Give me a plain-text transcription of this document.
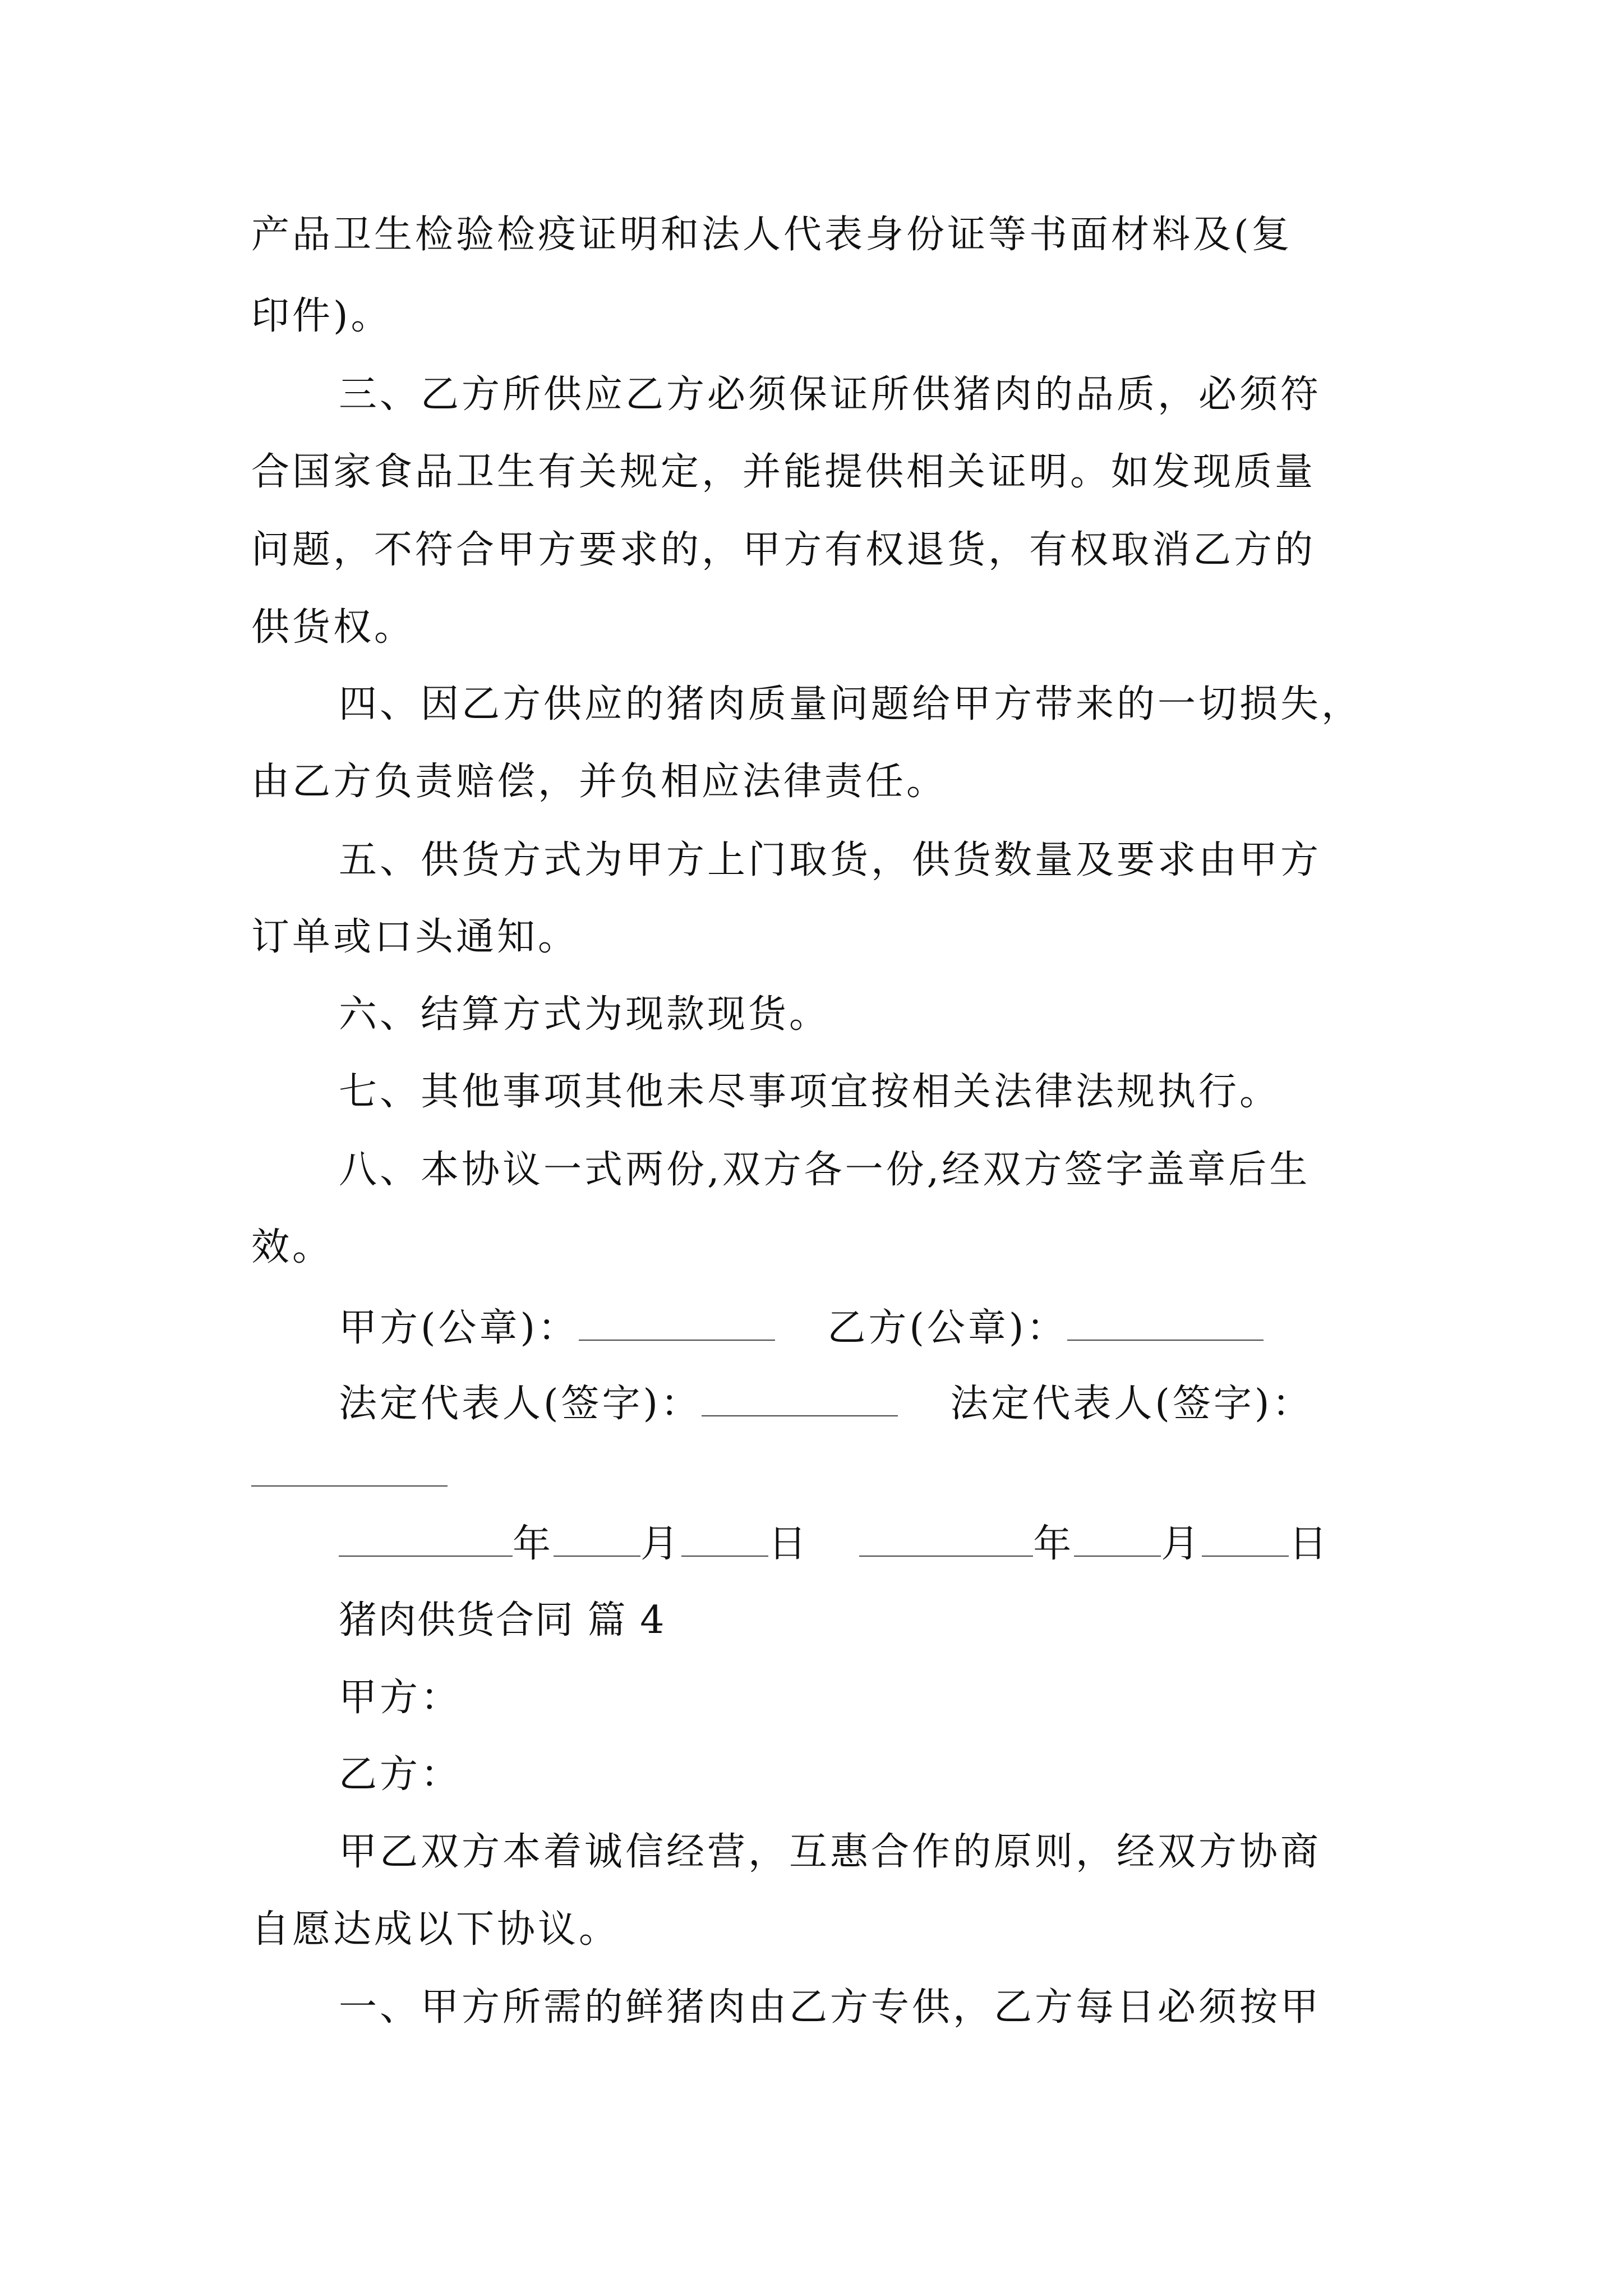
产品卫生检验检疫证明和法人代表身份证等书面材料及(复
印件)。
三、乙方所供应乙方必须保证所供猪肉的品质，必须符
合国家食品卫生有关规定，并能提供相关证明。如发现质量
问题，不符合甲方要求的，甲方有权退货，有权取消乙方的
供货权。
四、因乙方供应的猪肉质量问题给甲方带来的一切损失，
由乙方负责赔偿，并负相应法律责任。
五、供货方式为甲方上门取货，供货数量及要求由甲方
订单或口头通知。
六、结算方式为现款现货。
七、其他事项其他未尽事项宜按相关法律法规执行。
八、本协议一式两份,双方各一份,经双方签字盖章后生
效。
甲方(公章)：	乙方(公章)：
法定代表人(签字)：	法定代表人(签字)：
年 月 日	年 月 日
猪肉供货合同 篇 4
甲方：
乙方：
甲乙双方本着诚信经营，互惠合作的原则，经双方协商
自愿达成以下协议。
一、甲方所需的鲜猪肉由乙方专供，乙方每日必须按甲
